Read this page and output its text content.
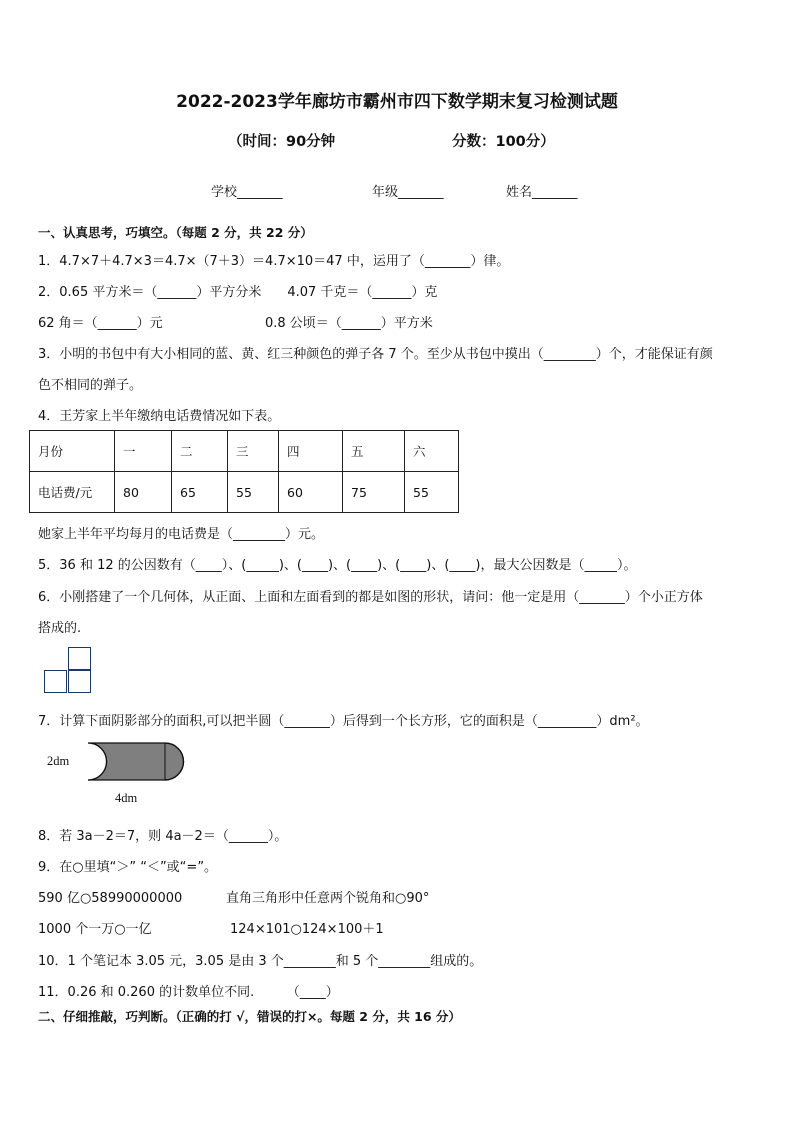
2022-2023学年廊坊市霸州市四下数学期末复习检测试题
（时间：90分钟	分数：100分）
学校_______	年级_______	姓名_______
一、认真思考，巧填空。（每题 2 分，共 22 分）
1．4.7×7＋4.7×3＝4.7×（7＋3）＝4.7×10＝47 中，运用了（_______）律。
2．0.65 平方米＝（______）平方分米　　4.07 千克＝（______）克
62 角＝（______）元	0.8 公顷＝（______）平方米
3．小明的书包中有大小相同的蓝、黄、红三种颜色的弹子各 7 个。至少从书包中摸出（________）个，才能保证有颜
色不相同的弹子。
4．王芳家上半年缴纳电话费情况如下表。
月份	一	二	三	四	五	六
电话费/元	80	65	55	60	75	55
她家上半年平均每月的电话费是（________）元。
5．36 和 12 的公因数有（____）、(_____)、(____)、(____)、(____)、(____)，最大公因数是（_____）。
6．小刚搭建了一个几何体，从正面、上面和左面看到的都是如图的形状，请问：他一定是用（_______）个小正方体
搭成的.
7．计算下面阴影部分的面积,可以把半圆（_______）后得到一个长方形，它的面积是（_________）dm²。
2dm
4dm
8．若 3a－2＝7，则 4a－2＝（______）。
9．在○里填“＞” “＜”或“=”。
590 亿○58990000000	直角三角形中任意两个锐角和○90°
1000 个一万○一亿	124×101○124×100＋1
10．1 个笔记本 3.05 元，3.05 是由 3 个________和 5 个________组成的。
11．0.26 和 0.260 的计数单位不同.　　　（____）
二、仔细推敲，巧判断。（正确的打 √，错误的打×。每题 2 分，共 16 分）
